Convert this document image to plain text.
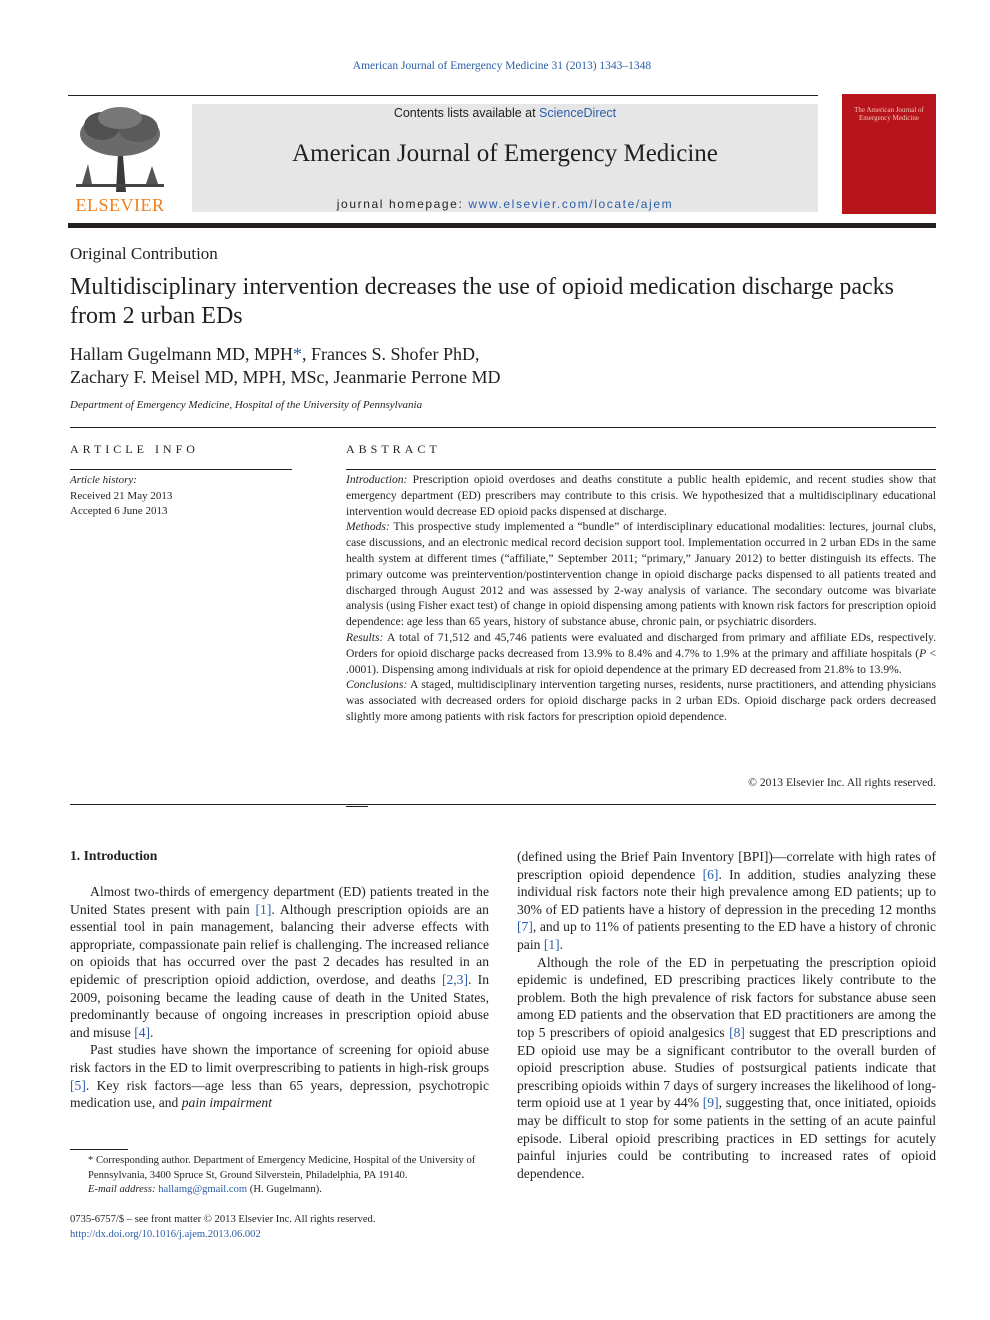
American Journal of Emergency Medicine 31 (2013) 1343–1348
ELSEVIER
Contents lists available at ScienceDirect
American Journal of Emergency Medicine
journal homepage: www.elsevier.com/locate/ajem
The American Journal of Emergency Medicine
Original Contribution
Multidisciplinary intervention decreases the use of opioid medication discharge packs from 2 urban EDs
Hallam Gugelmann MD, MPH*, Frances S. Shofer PhD,
Zachary F. Meisel MD, MPH, MSc, Jeanmarie Perrone MD
Department of Emergency Medicine, Hospital of the University of Pennsylvania
ARTICLE INFO	ABSTRACT
Article history:
Received 21 May 2013
Accepted 6 June 2013

Introduction: Prescription opioid overdoses and deaths constitute a public health epidemic, and recent studies show that emergency department (ED) prescribers may contribute to this crisis. We hypothesized that a multidisciplinary educational intervention would decrease ED opioid packs dispensed at discharge.

Methods: This prospective study implemented a “bundle” of interdisciplinary educational modalities: lectures, journal clubs, case discussions, and an electronic medical record decision support tool. Implementation occurred in 2 urban EDs in the same health system at different times (“affiliate,” September 2011; “primary,” January 2012) to better distinguish its effects. The primary outcome was preintervention/postintervention change in opioid discharge packs dispensed to all patients treated and discharged through August 2012 and was assessed by 2-way analysis of variance. The secondary outcome was bivariate analysis (using Fisher exact test) of change in opioid dispensing among patients with known risk factors for prescription opioid dependence: age less than 65 years, history of substance abuse, chronic pain, or psychiatric disorders.

Results: A total of 71,512 and 45,746 patients were evaluated and discharged from primary and affiliate EDs, respectively. Orders for opioid discharge packs decreased from 13.9% to 8.4% and 4.7% to 1.9% at the primary and affiliate hospitals (P < .0001). Dispensing among individuals at risk for opioid dependence at the primary ED decreased from 21.8% to 13.9%.

Conclusions: A staged, multidisciplinary intervention targeting nurses, residents, nurse practitioners, and attending physicians was associated with decreased orders for opioid discharge packs in 2 urban EDs. Opioid discharge pack orders decreased slightly more among patients with risk factors for prescription opioid dependence.

© 2013 Elsevier Inc. All rights reserved.
1. Introduction

Almost two-thirds of emergency department (ED) patients treated in the United States present with pain [1]. Although prescription opioids are an essential tool in pain management, balancing their adverse effects with appropriate, compassionate pain relief is challenging. The increased reliance on opioids that has occurred over the past 2 decades has resulted in an epidemic of prescription opioid addiction, overdose, and deaths [2,3]. In 2009, poisoning became the leading cause of death in the United States, predominantly because of ongoing increases in prescription opioid abuse and misuse [4].

Past studies have shown the importance of screening for opioid abuse risk factors in the ED to limit overprescribing to patients in high-risk groups [5]. Key risk factors—age less than 65 years, depression, psychotropic medication use, and pain impairment

(defined using the Brief Pain Inventory [BPI])—correlate with high rates of prescription opioid dependence [6]. In addition, studies analyzing these individual risk factors note their high prevalence among ED patients; up to 30% of ED patients have a history of depression in the preceding 12 months [7], and up to 11% of patients presenting to the ED have a history of chronic pain [1].

Although the role of the ED in perpetuating the prescription opioid epidemic is undefined, ED prescribing practices likely contribute to the problem. Both the high prevalence of risk factors for substance abuse seen among ED patients and the observation that ED practitioners are among the top 5 prescribers of opioid analgesics [8] suggest that ED prescriptions and ED opioid use may be a significant contributor to the overall burden of opioid prescription abuse. Studies of postsurgical patients indicate that prescribing opioids within 7 days of surgery increases the likelihood of long-term opioid use at 1 year by 44% [9], suggesting that, once initiated, opioids may be difficult to stop for some patients in the setting of an acute painful episode. Liberal opioid prescribing practices in ED settings for acutely painful injuries could be contributing to increased rates of opioid dependence.

* Corresponding author. Department of Emergency Medicine, Hospital of the University of Pennsylvania, 3400 Spruce St, Ground Silverstein, Philadelphia, PA 19140.
E-mail address: hallamg@gmail.com (H. Gugelmann).
0735-6757/$ – see front matter © 2013 Elsevier Inc. All rights reserved.
http://dx.doi.org/10.1016/j.ajem.2013.06.002
